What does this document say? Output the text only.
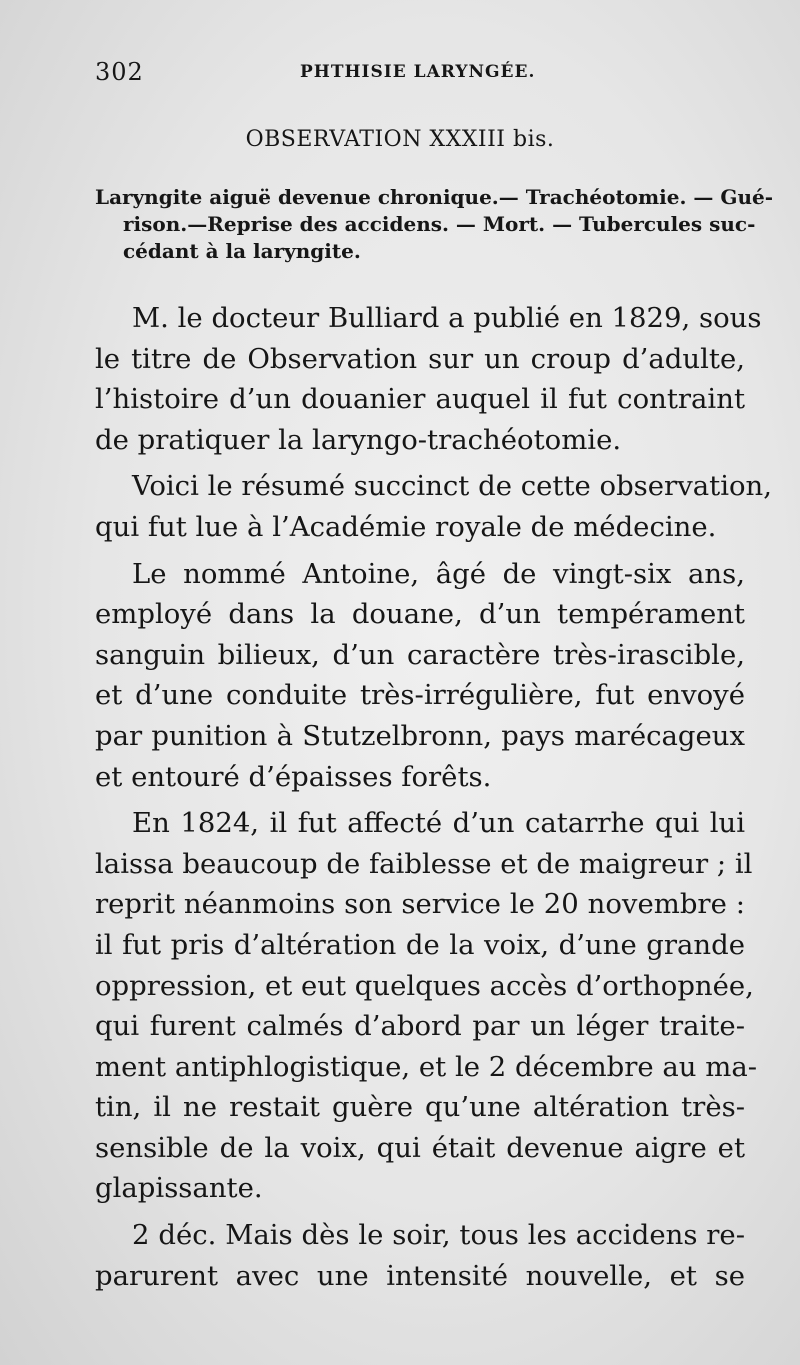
302	PHTHISIE LARYNGÉE.
OBSERVATION XXXIII bis.
Laryngite aiguë devenue chronique.— Trachéotomie. — Gué-
rison.—Reprise des accidens. — Mort. — Tubercules suc-
cédant à la laryngite.
M. le docteur Bulliard a publié en 1829, sous
le titre de Observation sur un croup d’adulte,
l’histoire d’un douanier auquel il fut contraint
de pratiquer la laryngo-trachéotomie.
Voici le résumé succinct de cette observation,
qui fut lue à l’Académie royale de médecine.
Le nommé Antoine, âgé de vingt-six ans,
employé dans la douane, d’un tempérament
sanguin bilieux, d’un caractère très-irascible,
et d’une conduite très-irrégulière, fut envoyé
par punition à Stutzelbronn, pays marécageux
et entouré d’épaisses forêts.
En 1824, il fut affecté d’un catarrhe qui lui
laissa beaucoup de faiblesse et de maigreur ; il
reprit néanmoins son service le 20 novembre :
il fut pris d’altération de la voix, d’une grande
oppression, et eut quelques accès d’orthopnée,
qui furent calmés d’abord par un léger traite-
ment antiphlogistique, et le 2 décembre au ma-
tin, il ne restait guère qu’une altération très-
sensible de la voix, qui était devenue aigre et
glapissante.
2 déc. Mais dès le soir, tous les accidens re-
parurent avec une intensité nouvelle, et se
